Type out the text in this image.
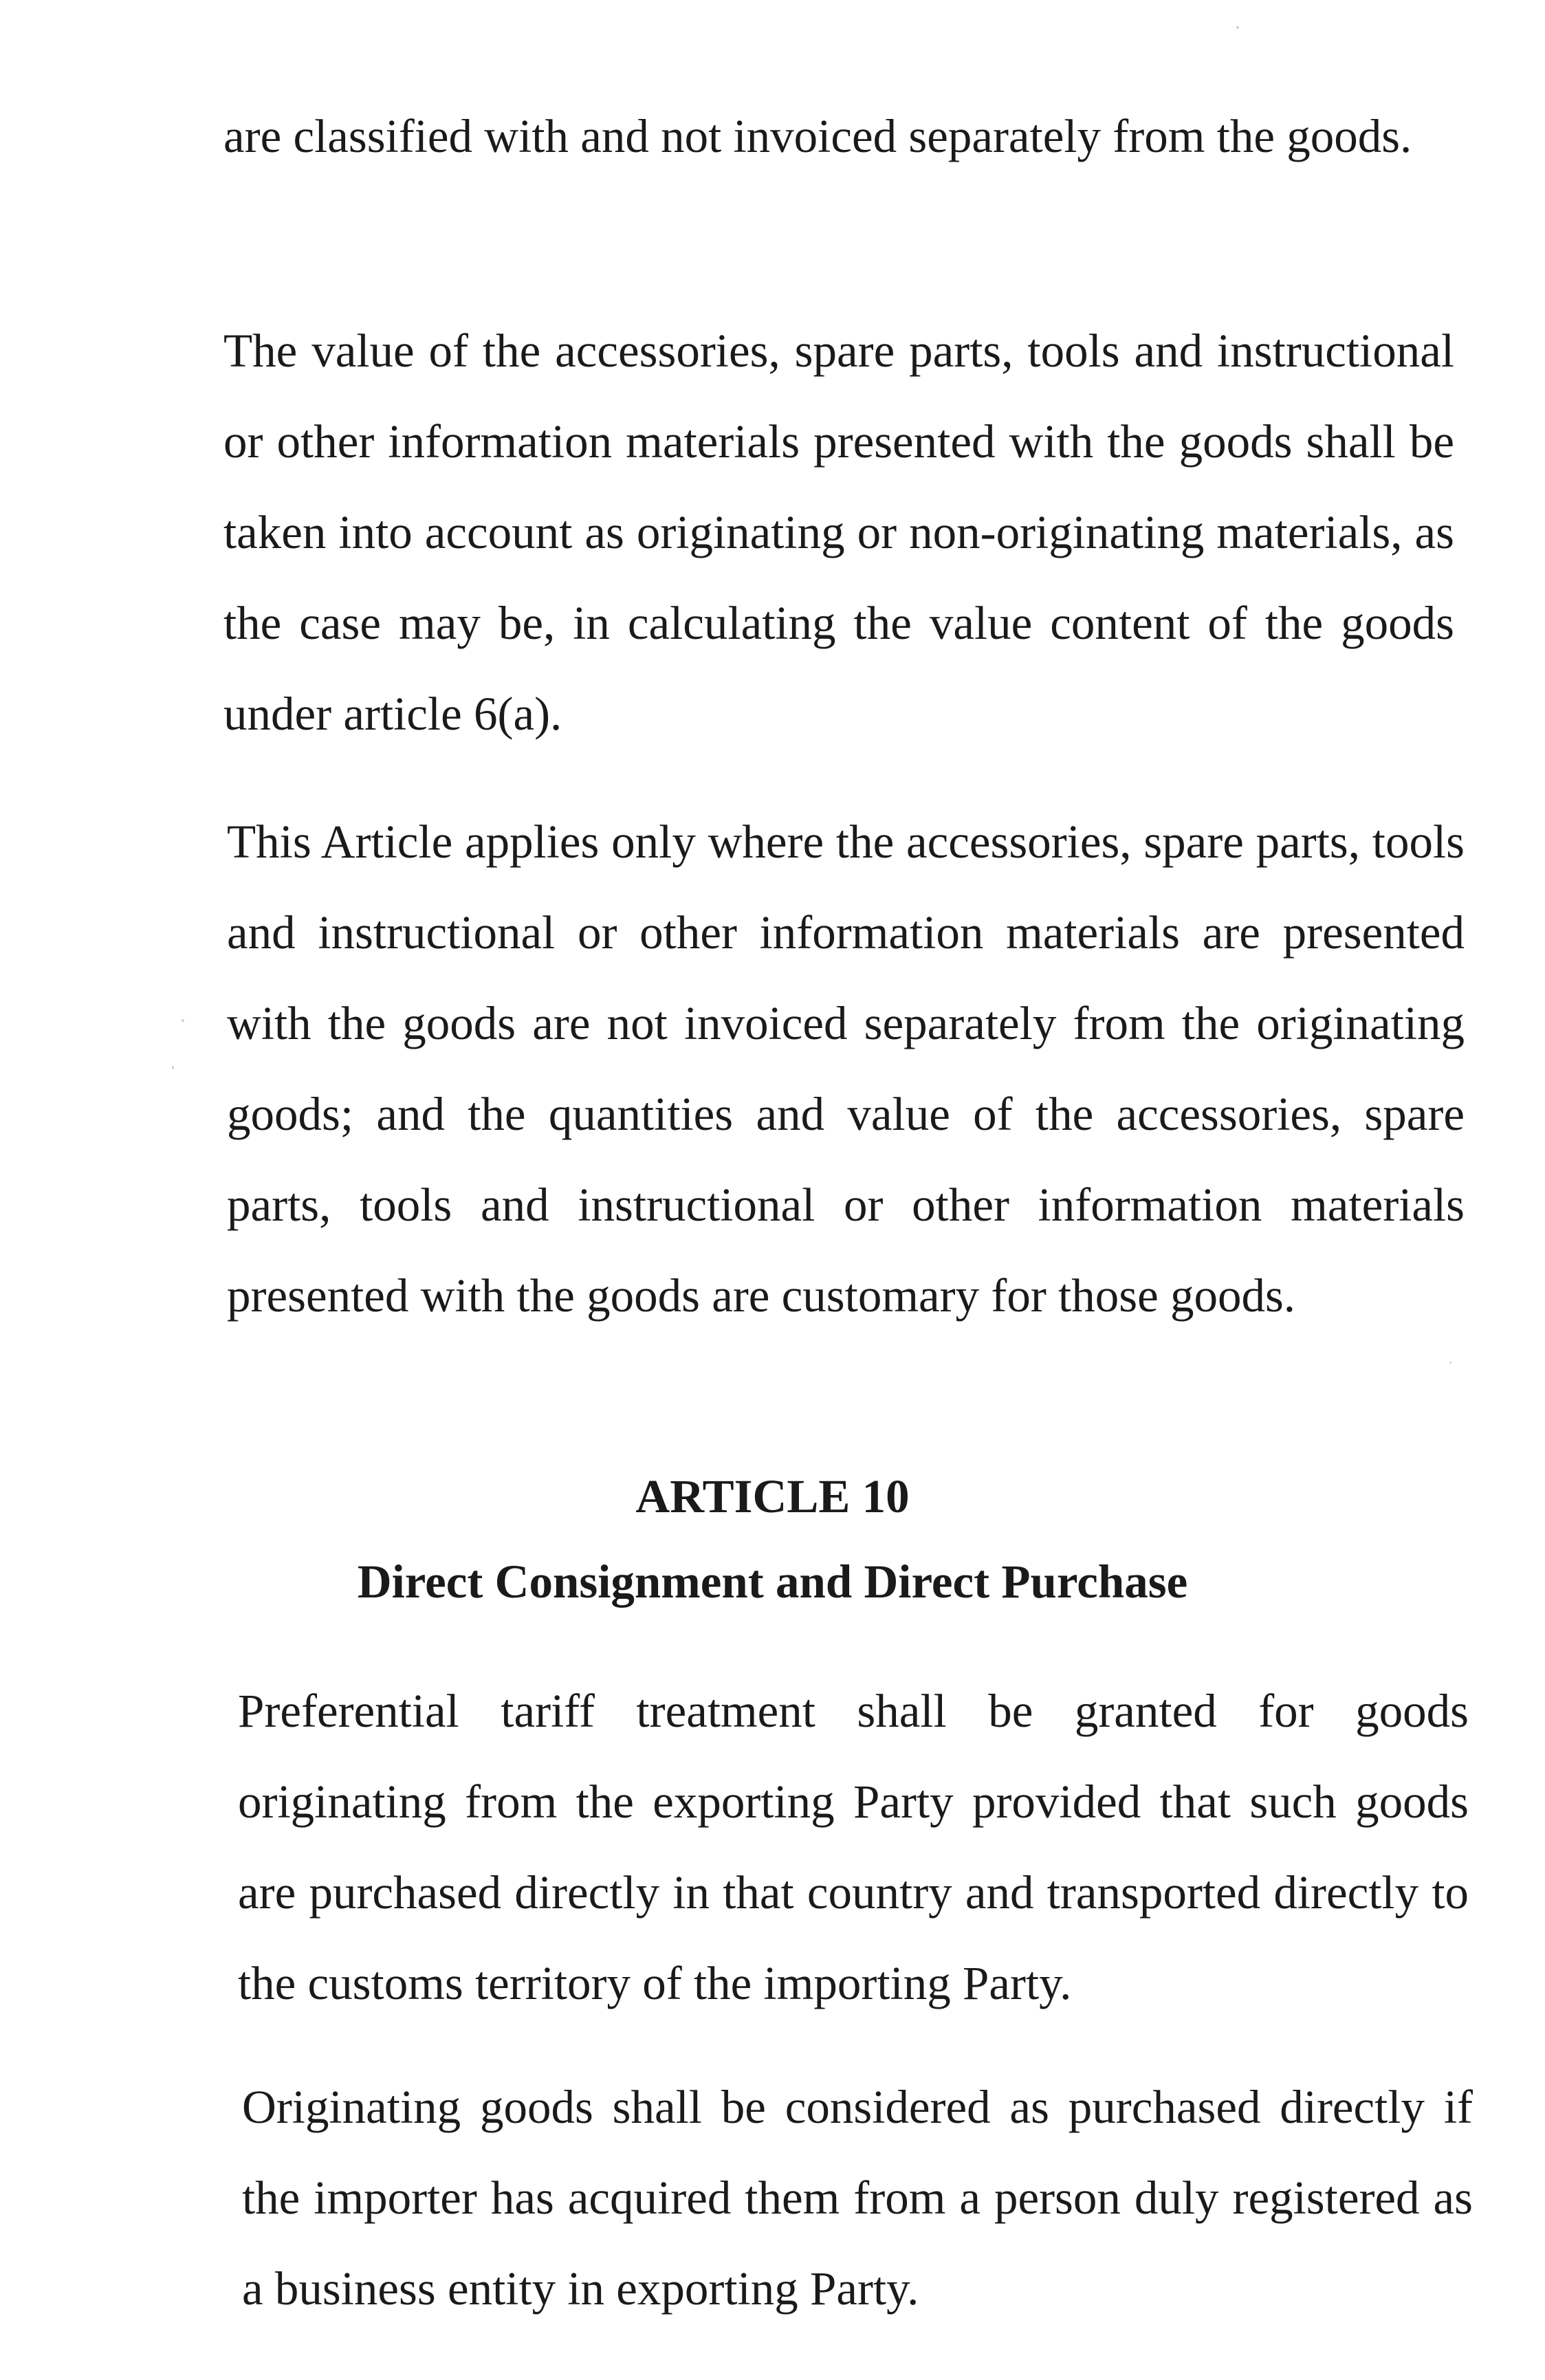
are classified with and not invoiced separately from the goods.

The value of the accessories, spare parts, tools and instructional or other information materials presented with the goods shall be taken into account as originating or non-originating materials, as the case may be, in calculating the value content of the goods under article 6(a).

This Article applies only where the accessories, spare parts, tools and instructional or other information materials are presented with the goods are not invoiced separately from the originating goods; and the quantities and value of the accessories, spare parts, tools and instructional or other information materials presented with the goods are customary for those goods.

ARTICLE 10
Direct Consignment and Direct Purchase

Preferential tariff treatment shall be granted for goods originating from the exporting Party provided that such goods are purchased directly in that country and transported directly to the customs territory of the importing Party.

Originating goods shall be considered as purchased directly if the importer has acquired them from a person duly registered as a business entity in exporting Party.
